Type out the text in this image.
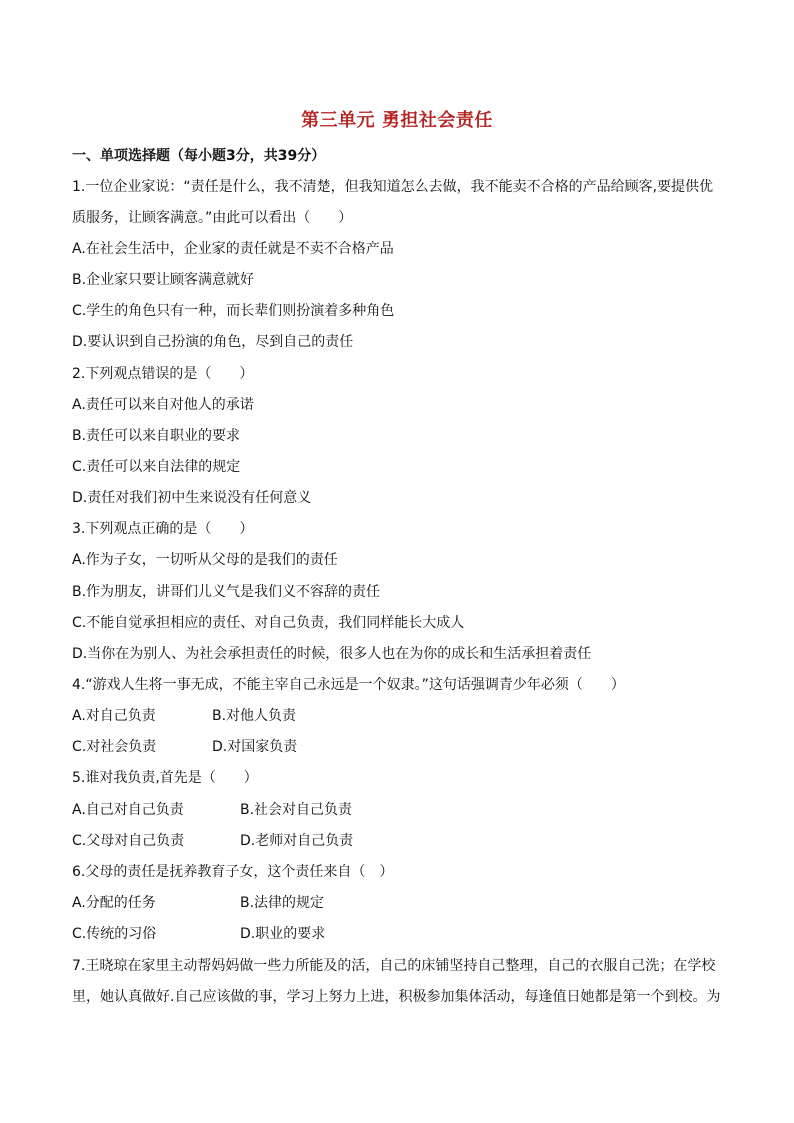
第三单元 勇担社会责任
一、单项选择题（每小题3分，共39分）
1.一位企业家说：“责任是什么，我不清楚，但我知道怎么去做，我不能卖不合格的产品给顾客,要提供优
质服务，让顾客满意。”由此可以看出（　　）
A.在社会生活中，企业家的责任就是不卖不合格产品
B.企业家只要让顾客满意就好
C.学生的角色只有一种，而长辈们则扮演着多种角色
D.要认识到自己扮演的角色，尽到自己的责任
2.下列观点错误的是（　　）
A.责任可以来自对他人的承诺
B.责任可以来自职业的要求
C.责任可以来自法律的规定
D.责任对我们初中生来说没有任何意义
3.下列观点正确的是（　　）
A.作为子女，一切听从父母的是我们的责任
B.作为朋友，讲哥们儿义气是我们义不容辞的责任
C.不能自觉承担相应的责任、对自己负责，我们同样能长大成人
D.当你在为别人、为社会承担责任的时候，很多人也在为你的成长和生活承担着责任
4.“游戏人生将一事无成，不能主宰自己永远是一个奴隶。”这句话强调青少年必须（　　）
A.对自己负责	B.对他人负责
C.对社会负责	D.对国家负责
5.谁对我负责,首先是（　　）
A.自己对自己负责	B.社会对自己负责
C.父母对自己负责	D.老师对自己负责
6.父母的责任是抚养教育子女，这个责任来自（　）
A.分配的任务	B.法律的规定
C.传统的习俗	D.职业的要求
7.王晓琼在家里主动帮妈妈做一些力所能及的活，自己的床铺坚持自己整理，自己的衣服自己洗；在学校
里，她认真做好.自己应该做的事，学习上努力上进，积极参加集体活动，每逢值日她都是第一个到校。为
